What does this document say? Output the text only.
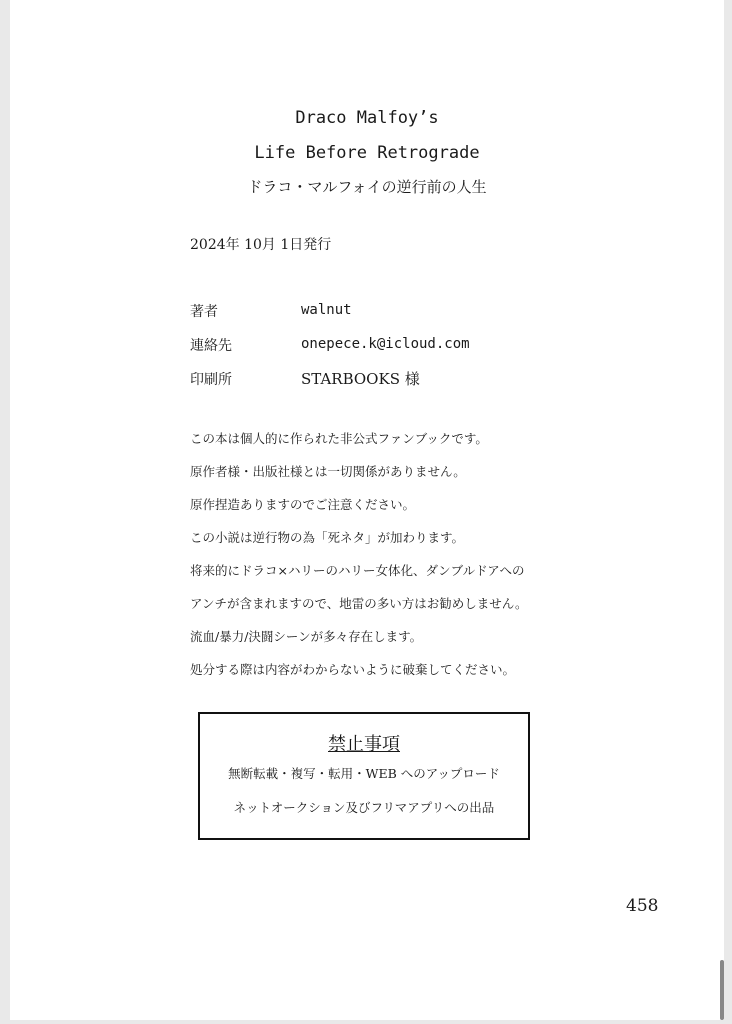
Draco Malfoy’s
Life Before Retrograde
ドラコ・マルフォイの逆行前の人生
2024年 10月 1日発行
著者	walnut
連絡先	onepece.k@icloud.com
印刷所	STARBOOKS 様
この本は個人的に作られた非公式ファンブックです。
原作者様・出版社様とは一切関係がありません。
原作捏造ありますのでご注意ください。
この小説は逆行物の為「死ネタ」が加わります。
将来的にドラコ×ハリーのハリー女体化、ダンブルドアへの
アンチが含まれますので、地雷の多い方はお勧めしません。
流血/暴力/決闘シーンが多々存在します。
処分する際は内容がわからないように破棄してください。
禁止事項
無断転載・複写・転用・WEB へのアップロード
ネットオークション及びフリマアプリへの出品
458
